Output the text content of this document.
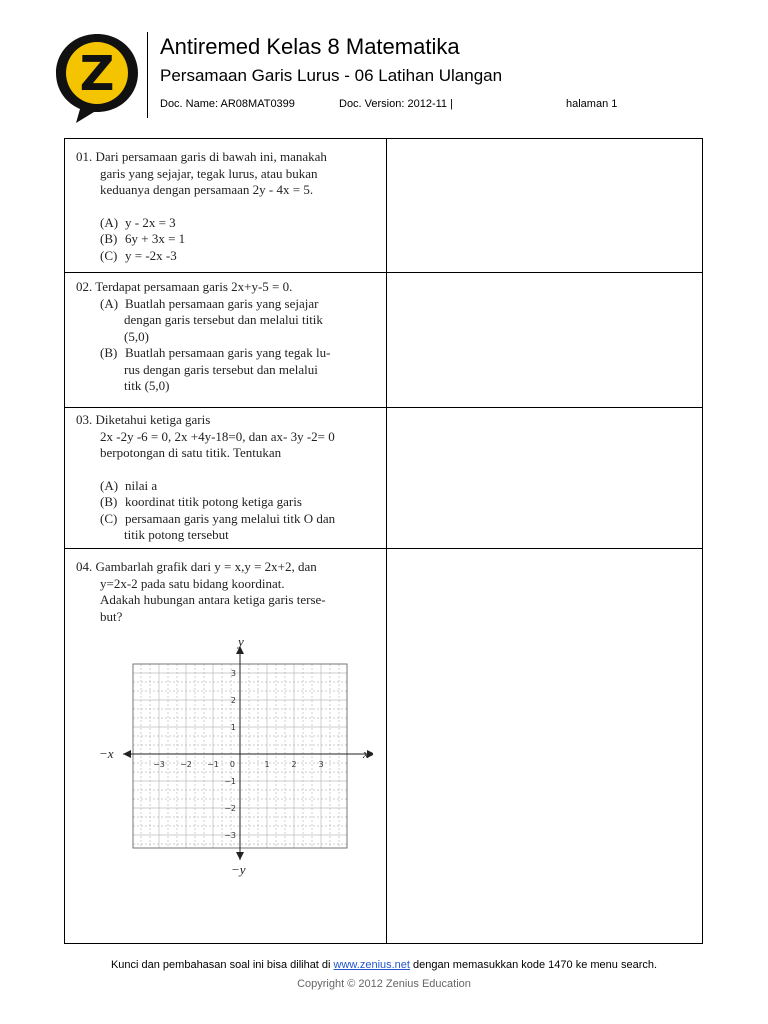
Z Antiremed Kelas 8 Matematika
Persamaan Garis Lurus - 06 Latihan Ulangan
Doc. Name: AR08MAT0399	Doc. Version: 2012-11 |	halaman 1
01. Dari persamaan garis di bawah ini, manakah
garis yang sejajar, tegak lurus, atau bukan
keduanya dengan persamaan 2y - 4x = 5.
(A) y - 2x = 3
(B) 6y + 3x = 1
(C) y = -2x -3
02. Terdapat persamaan garis 2x+y-5 = 0.
(A) Buatlah persamaan garis yang sejajar
dengan garis tersebut dan melalui titik
(5,0)
(B) Buatlah persamaan garis yang tegak lu-
rus dengan garis tersebut dan melalui
titk (5,0)
03. Diketahui ketiga garis
2x -2y -6 = 0, 2x +4y-18=0, dan ax- 3y -2= 0
berpotongan di satu titik. Tentukan
(A) nilai a
(B) koordinat titik potong ketiga garis
(C) persamaan garis yang melalui titk O dan
titik potong tersebut
04. Gambarlah grafik dari y = x,y = 2x+2, dan
y=2x-2 pada satu bidang koordinat.
Adakah hubungan antara ketiga garis terse-
but?
−x	x
y
−y
−3 −2 −1 0	1	2	3
3
2
1
−1
−2
−3
Kunci dan pembahasan soal ini bisa dilihat di www.zenius.net dengan memasukkan kode 1470 ke menu search.
Copyright © 2012 Zenius Education
